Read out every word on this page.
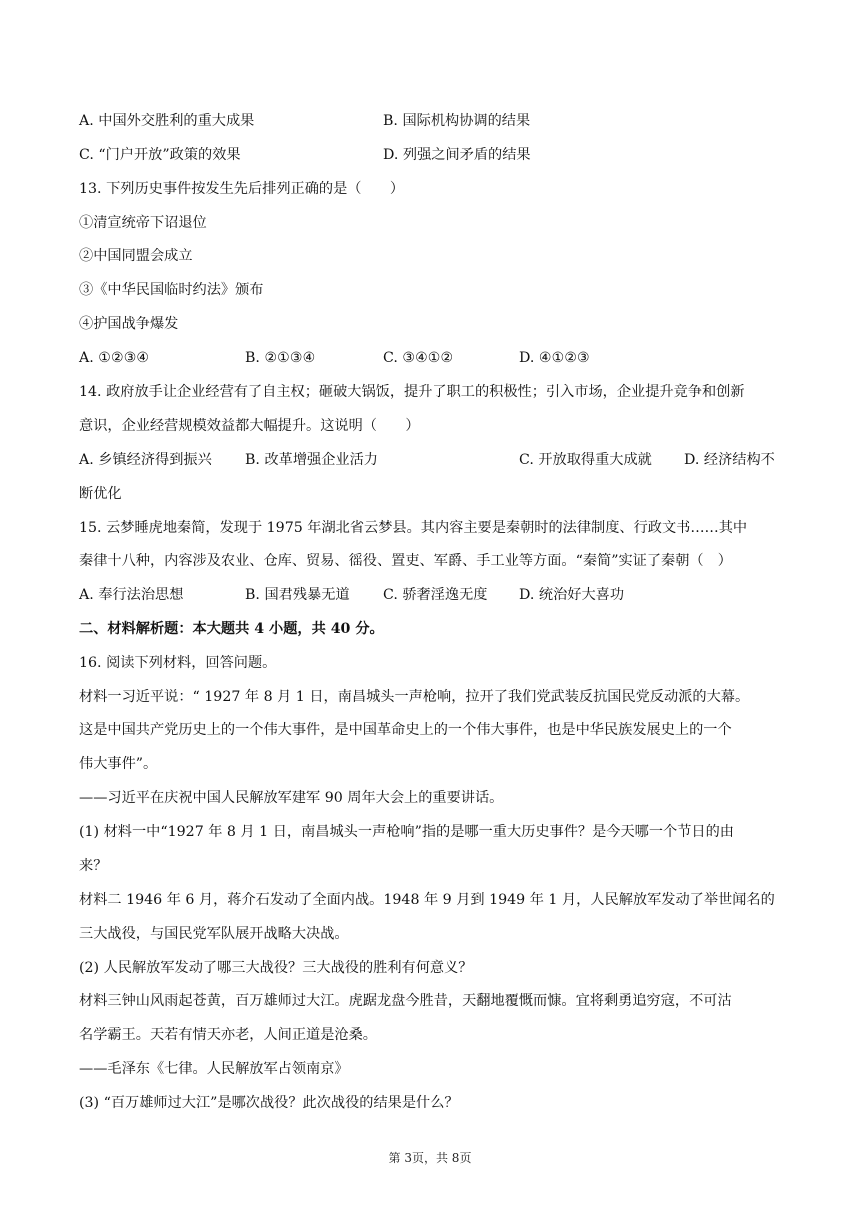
A. 中国外交胜利的重大成果	B. 国际机构协调的结果
C. “门户开放”政策的效果	D. 列强之间矛盾的结果
13. 下列历史事件按发生先后排列正确的是（　　）
①清宣统帝下诏退位
②中国同盟会成立
③《中华民国临时约法》颁布
④护国战争爆发
A. ①②③④	B. ②①③④	C. ③④①②	D. ④①②③
14. 政府放手让企业经营有了自主权；砸破大锅饭，提升了职工的积极性；引入市场，企业提升竞争和创新
意识，企业经营规模效益都大幅提升。这说明（　　）
A. 乡镇经济得到振兴 B. 改革增强企业活力	C. 开放取得重大成就 D. 经济结构不
断优化
15. 云梦睡虎地秦简，发现于 1975 年湖北省云梦县。其内容主要是秦朝时的法律制度、行政文书……其中
秦律十八种，内容涉及农业、仓库、贸易、徭役、置吏、军爵、手工业等方面。“秦简”实证了秦朝（　）
A. 奉行法治思想	B. 国君残暴无道 C. 骄奢淫逸无度 D. 统治好大喜功
二、材料解析题：本大题共 4 小题，共 40 分。
16. 阅读下列材料，回答问题。
材料一习近平说：“ 1927 年 8 月 1 日，南昌城头一声枪响，拉开了我们党武装反抗国民党反动派的大幕。
这是中国共产党历史上的一个伟大事件，是中国革命史上的一个伟大事件，也是中华民族发展史上的一个
伟大事件”。
——习近平在庆祝中国人民解放军建军 90 周年大会上的重要讲话。
(1) 材料一中“1927 年 8 月 1 日，南昌城头一声枪响”指的是哪一重大历史事件？是今天哪一个节日的由
来？
材料二 1946 年 6 月，蒋介石发动了全面内战。1948 年 9 月到 1949 年 1 月，人民解放军发动了举世闻名的
三大战役，与国民党军队展开战略大决战。
(2) 人民解放军发动了哪三大战役？三大战役的胜利有何意义？
材料三钟山风雨起苍黄，百万雄师过大江。虎踞龙盘今胜昔，天翻地覆慨而慷。宜将剩勇追穷寇，不可沽
名学霸王。天若有情天亦老，人间正道是沧桑。
——毛泽东《七律。人民解放军占领南京》
(3) “百万雄师过大江”是哪次战役？此次战役的结果是什么？
第 3页，共 8页
